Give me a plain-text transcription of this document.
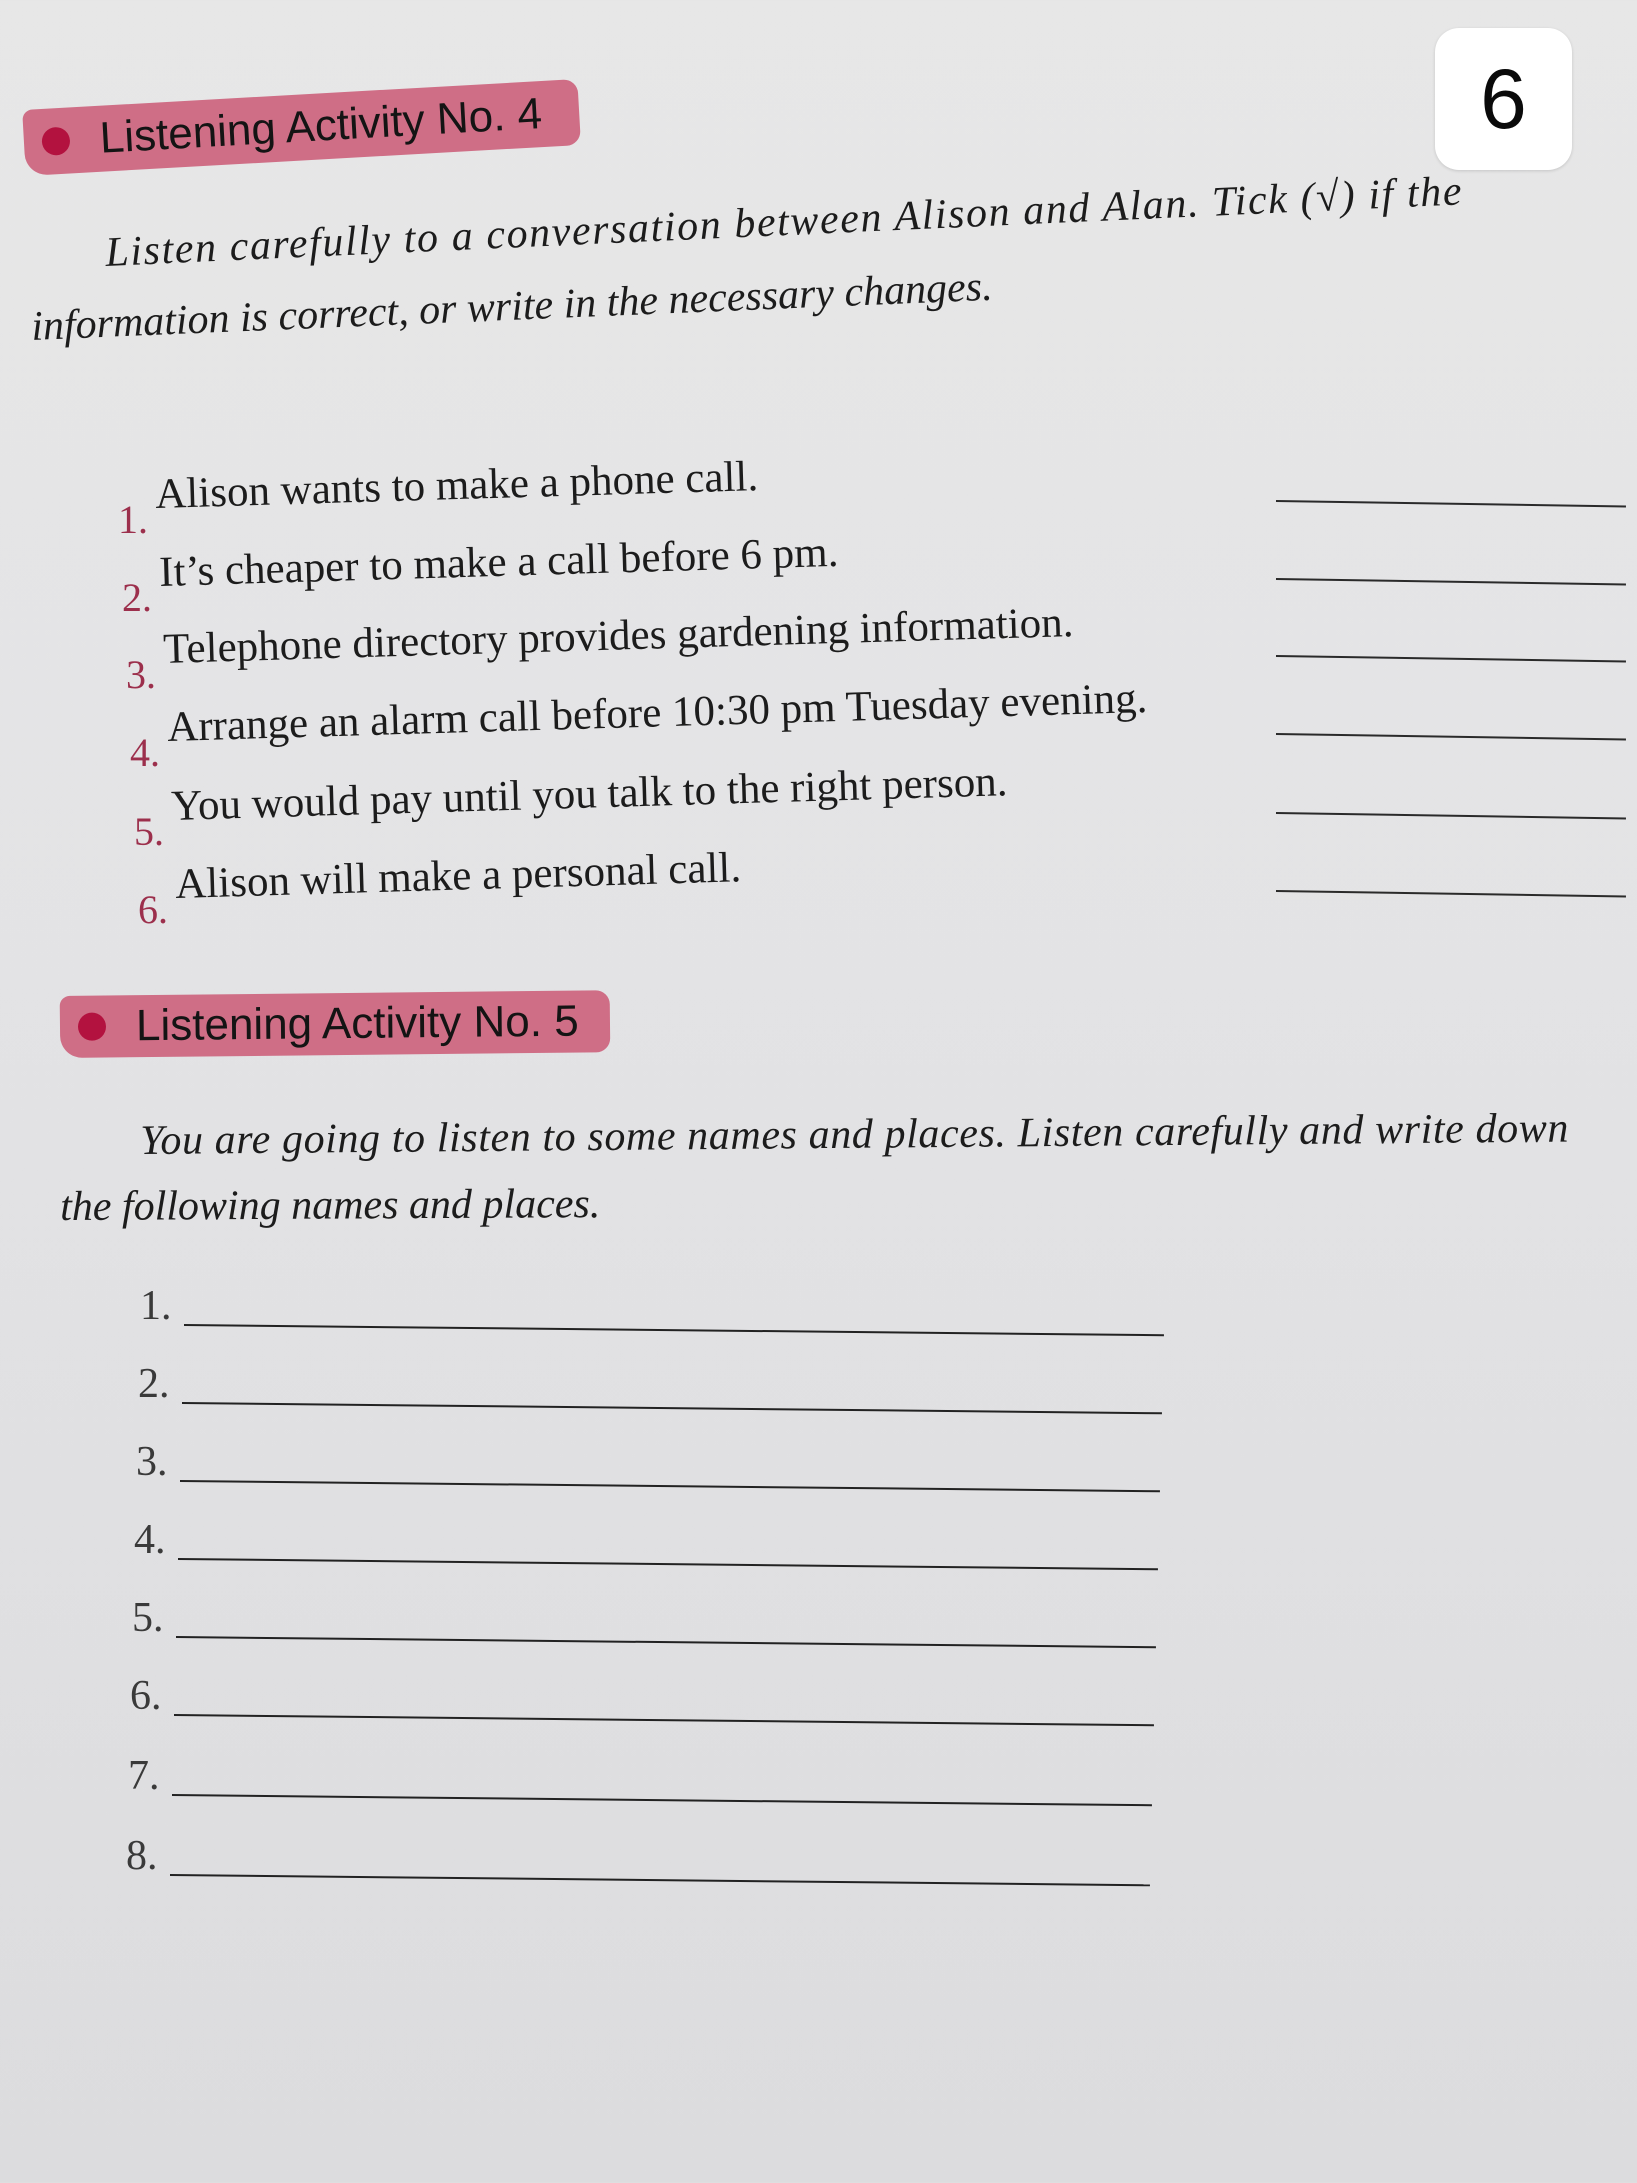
6
Listening Activity No. 4
Listen carefully to a conversation between Alison and Alan. Tick (√) if the
information is correct, or write in the necessary changes.
1.
Alison wants to make a phone call.
2.
It’s cheaper to make a call before 6 pm.
3.
Telephone directory provides gardening information.
4.
Arrange an alarm call before 10:30 pm Tuesday evening.
5.
You would pay until you talk to the right person.
6.
Alison will make a personal call.
Listening Activity No. 5
You are going to listen to some names and places. Listen carefully and write down
the following names and places.
1.
2.
3.
4.
5.
6.
7.
8.
